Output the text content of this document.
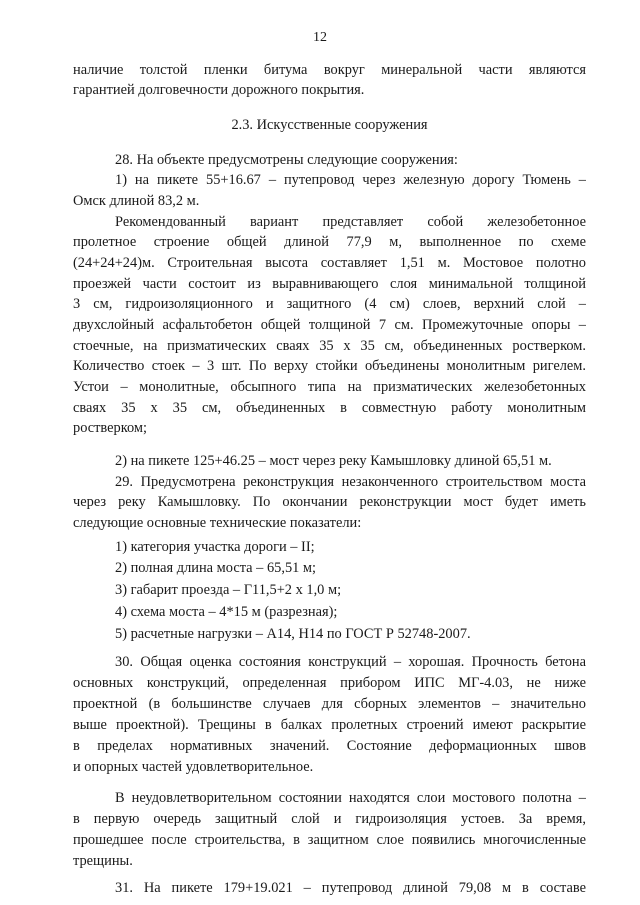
12
наличие толстой пленки битума вокруг минеральной части являются
гарантией долговечности дорожного покрытия.
2.3. Искусственные сооружения
28. На объекте предусмотрены следующие сооружения:
1) на пикете 55+16.67 – путепровод через железную дорогу Тюмень –
Омск длиной 83,2 м.
Рекомендованный вариант представляет собой железобетонное
пролетное строение общей длиной 77,9 м, выполненное по схеме
(24+24+24)м. Строительная высота составляет 1,51 м. Мостовое полотно
проезжей части состоит из выравнивающего слоя минимальной толщиной
3 см, гидроизоляционного и защитного (4 см) слоев, верхний слой –
двухслойный асфальтобетон общей толщиной 7 см. Промежуточные опоры –
стоечные, на призматических сваях 35 х 35 см, объединенных ростверком.
Количество стоек – 3 шт. По верху стойки объединены монолитным ригелем.
Устои – монолитные, обсыпного типа на призматических железобетонных
сваях 35 х 35 см, объединенных в совместную работу монолитным
ростверком;
2) на пикете 125+46.25 – мост через реку Камышловку длиной 65,51 м.
29. Предусмотрена реконструкция незаконченного строительством моста
через реку Камышловку. По окончании реконструкции мост будет иметь
следующие основные технические показатели:
1) категория участка дороги – II;
2) полная длина моста – 65,51 м;
3) габарит проезда – Г11,5+2 х 1,0 м;
4) схема моста – 4*15 м (разрезная);
5) расчетные нагрузки – А14, Н14 по ГОСТ Р 52748-2007.
30. Общая оценка состояния конструкций – хорошая. Прочность бетона
основных конструкций, определенная прибором ИПС МГ-4.03, не ниже
проектной (в большинстве случаев для сборных элементов – значительно
выше проектной). Трещины в балках пролетных строений имеют раскрытие
в пределах нормативных значений. Состояние деформационных швов
и опорных частей удовлетворительное.
В неудовлетворительном состоянии находятся слои мостового полотна –
в первую очередь защитный слой и гидроизоляция устоев. За время,
прошедшее после строительства, в защитном слое появились многочисленные
трещины.
31. На пикете 179+19.021 – путепровод длиной 79,08 м в составе
